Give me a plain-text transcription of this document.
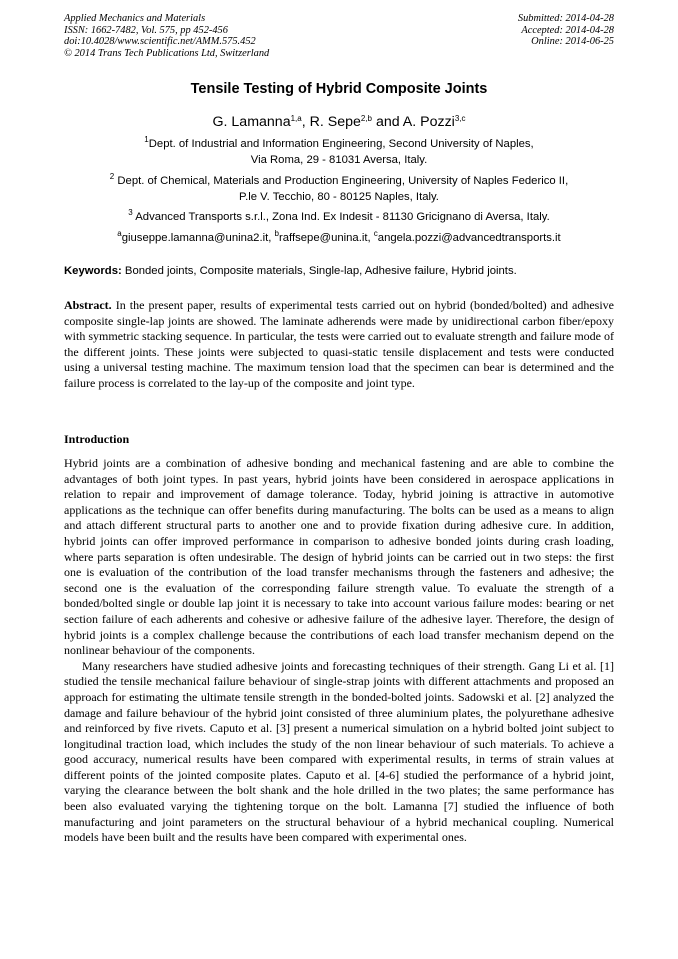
Applied Mechanics and Materials
ISSN: 1662-7482, Vol. 575, pp 452-456
doi:10.4028/www.scientific.net/AMM.575.452
© 2014 Trans Tech Publications Ltd, Switzerland
Submitted: 2014-04-28
Accepted: 2014-04-28
Online: 2014-06-25
Tensile Testing of Hybrid Composite Joints
G. Lamanna$^{1,a}$, R. Sepe$^{2,b}$ and A. Pozzi$^{3,c}$
$^1$Dept. of Industrial and Information Engineering, Second University of Naples,
Via Roma, 29 - 81031 Aversa, Italy.
$^2$ Dept. of Chemical, Materials and Production Engineering, University of Naples Federico II,
P.le V. Tecchio, 80 - 80125 Naples, Italy.
$^3$ Advanced Transports s.r.l., Zona Ind. Ex Indesit - 81130 Gricignano di Aversa, Italy.
$^a$giuseppe.lamanna@unina2.it, $^b$raffsepe@unina.it, $^c$angela.pozzi@advancedtransports.it
Keywords: Bonded joints, Composite materials, Single-lap, Adhesive failure, Hybrid joints.
Abstract. In the present paper, results of experimental tests carried out on hybrid (bonded/bolted) and adhesive composite single-lap joints are showed. The laminate adherends were made by unidirectional carbon fiber/epoxy with symmetric stacking sequence. In particular, the tests were carried out to evaluate strength and failure mode of the different joints. These joints were subjected to quasi-static tensile displacement and tests were conducted using a universal testing machine. The maximum tension load that the specimen can bear is determined and the failure process is correlated to the lay-up of the composite and joint type.
Introduction

Hybrid joints are a combination of adhesive bonding and mechanical fastening and are able to combine the advantages of both joint types. In past years, hybrid joints have been considered in aerospace applications in relation to repair and improvement of damage tolerance. Today, hybrid joining is attractive in automotive applications as the technique can offer benefits during manufacturing. The bolts can be used as a means to align and attach different structural parts to another one and to provide fixation during adhesive cure. In addition, hybrid joints can offer improved performance in comparison to adhesive bonded joints during crash loading, where parts separation is often undesirable. The design of hybrid joints can be carried out in two steps: the first one is evaluation of the contribution of the load transfer mechanisms through the fasteners and adhesive; the second one is the evaluation of the corresponding failure strength value. To evaluate the strength of a bonded/bolted single or double lap joint it is necessary to take into account various failure modes: bearing or net section failure of each adherents and cohesive or adhesive failure of the adhesive layer. Therefore, the design of hybrid joints is a complex challenge because the contributions of each load transfer mechanism depend on the nonlinear behaviour of the components.

Many researchers have studied adhesive joints and forecasting techniques of their strength. Gang Li et al. [1] studied the tensile mechanical failure behaviour of single-strap joints with different attachments and proposed an approach for estimating the ultimate tensile strength in the bonded-bolted joints. Sadowski et al. [2] analyzed the damage and failure behaviour of the hybrid joint consisted of three aluminium plates, the polyurethane adhesive and reinforced by five rivets. Caputo et al. [3] present a numerical simulation on a hybrid bolted joint subject to longitudinal traction load, which includes the study of the non linear behaviour of such materials. To achieve a good accuracy, numerical results have been compared with experimental results, in terms of strain values at different points of the jointed composite plates. Caputo et al. [4-6] studied the performance of a hybrid joint, varying the clearance between the bolt shank and the hole drilled in the two plates; the same performance has been also evaluated varying the tightening torque on the bolt. Lamanna [7] studied the influence of both manufacturing and joint parameters on the structural behaviour of a hybrid mechanical coupling. Numerical models have been built and the results have been compared with experimental ones.
